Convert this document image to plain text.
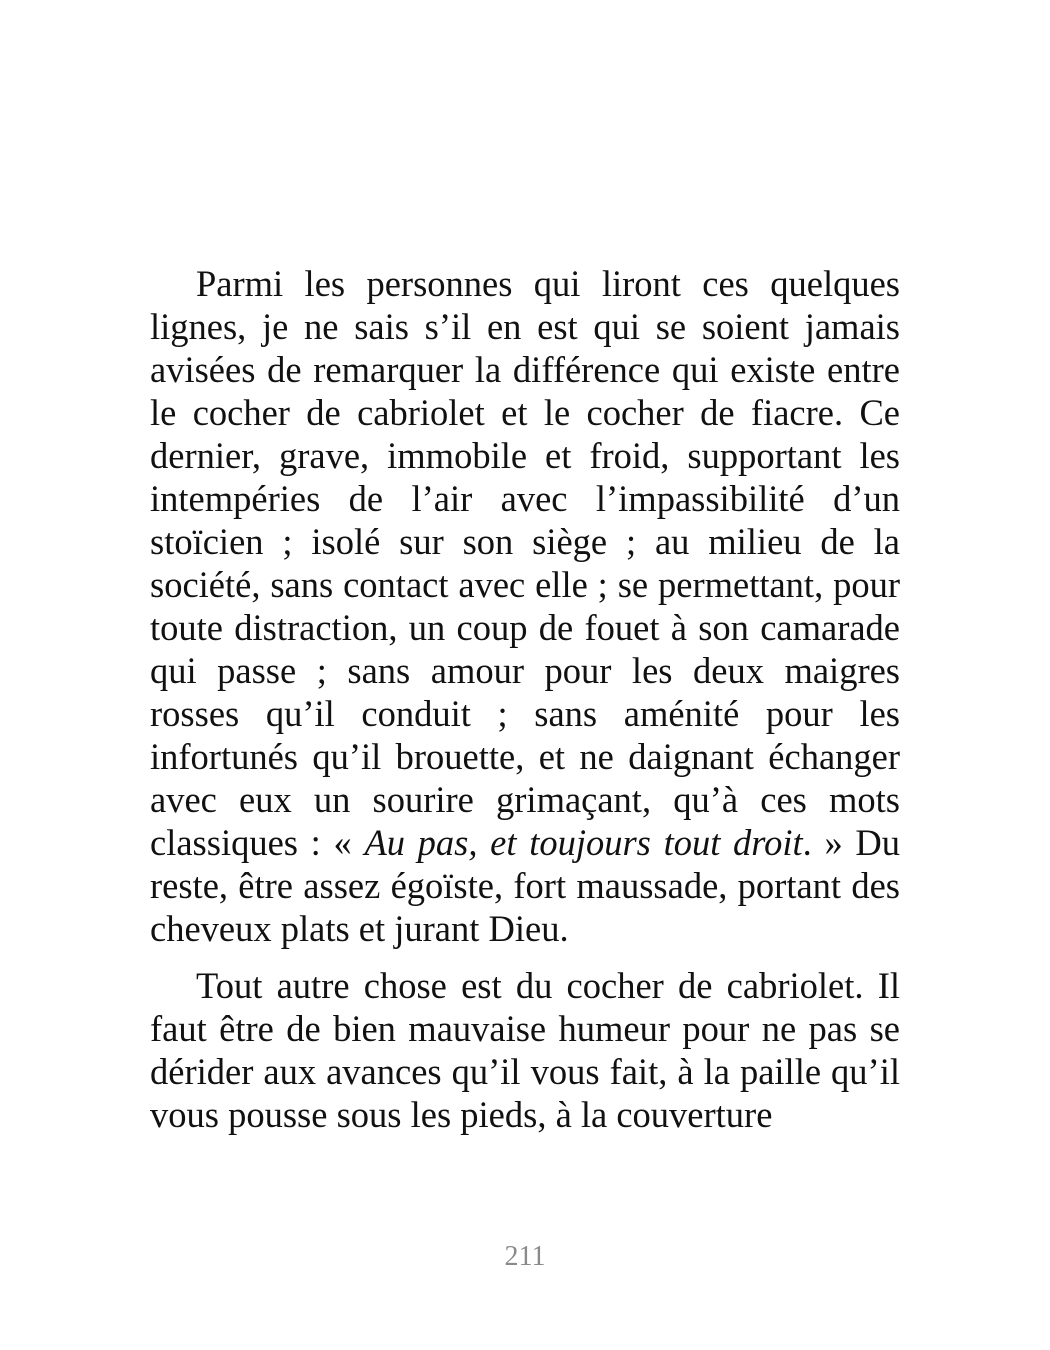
Parmi les personnes qui liront ces quelques lignes, je ne sais s’il en est qui se soient jamais avisées de remarquer la différence qui existe entre le cocher de cabriolet et le cocher de fiacre. Ce dernier, grave, immobile et froid, supportant les intempéries de l’air avec l’impassibilité d’un stoïcien ; isolé sur son siège ; au milieu de la société, sans contact avec elle ; se permettant, pour toute distraction, un coup de fouet à son camarade qui passe ; sans amour pour les deux maigres rosses qu’il conduit ; sans aménité pour les infortunés qu’il brouette, et ne daignant échanger avec eux un sourire grimaçant, qu’à ces mots classiques : « Au pas, et toujours tout droit. » Du reste, être assez égoïste, fort maussade, portant des cheveux plats et jurant Dieu.

Tout autre chose est du cocher de cabriolet. Il faut être de bien mauvaise humeur pour ne pas se dérider aux avances qu’il vous fait, à la paille qu’il vous pousse sous les pieds, à la couverture

211
